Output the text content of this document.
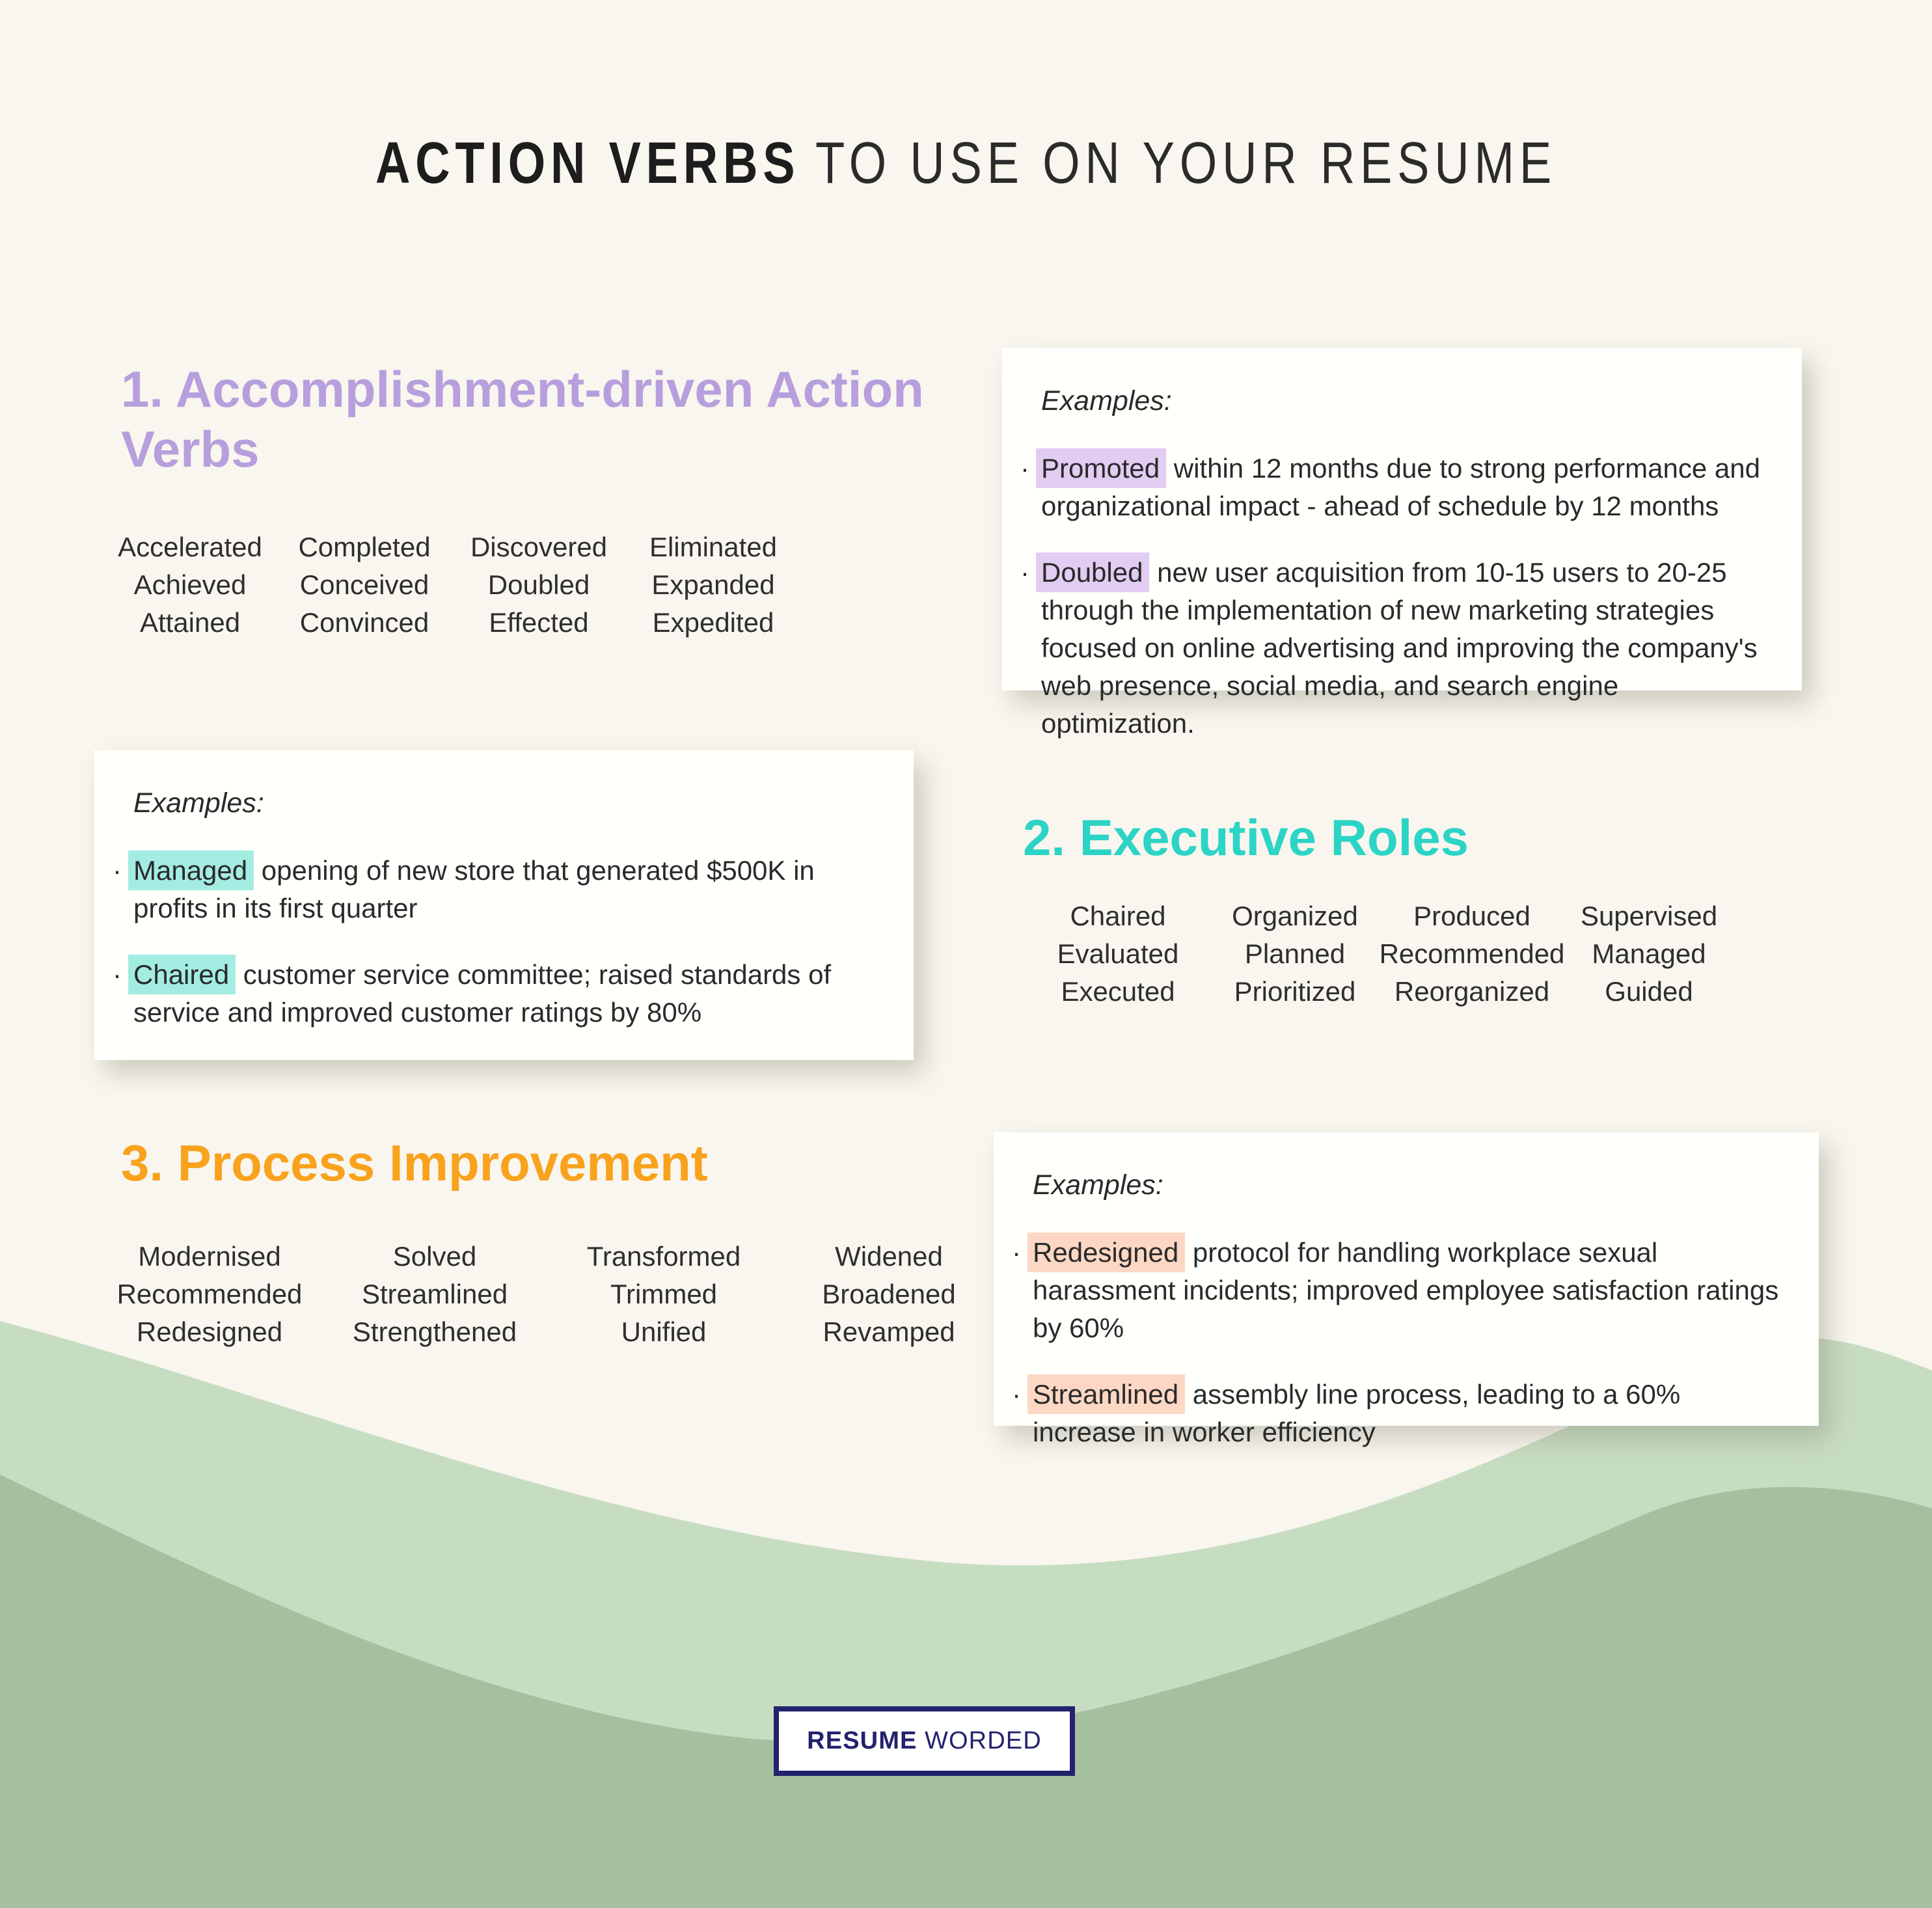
ACTION VERBS TO USE ON YOUR RESUME
1. Accomplishment-driven Action
Verbs
Accelerated
Achieved
Attained
Completed
Conceived
Convinced
Discovered
Doubled
Effected
Eliminated
Expanded
Expedited

Examples:

· Promoted within 12 months due to strong performance and organizational impact - ahead of schedule by 12 months

· Doubled new user acquisition from 10-15 users to 20-25 through the implementation of new marketing strategies focused on online advertising and improving the company's web presence, social media, and search engine optimization.

Examples:

· Managed opening of new store that generated $500K in profits in its first quarter

· Chaired customer service committee; raised standards of service and improved customer ratings by 80%

2. Executive Roles
Chaired
Evaluated
Executed
Organized
Planned
Prioritized
Produced
Recommended
Reorganized
Supervised
Managed
Guided
3. Process Improvement
Modernised
Recommended
Redesigned
Solved
Streamlined
Strengthened
Transformed
Trimmed
Unified
Widened
Broadened
Revamped

Examples:

· Redesigned protocol for handling workplace sexual harassment incidents; improved employee satisfaction ratings by 60%

· Streamlined assembly line process, leading to a 60% increase in worker efficiency

RESUME WORDED
